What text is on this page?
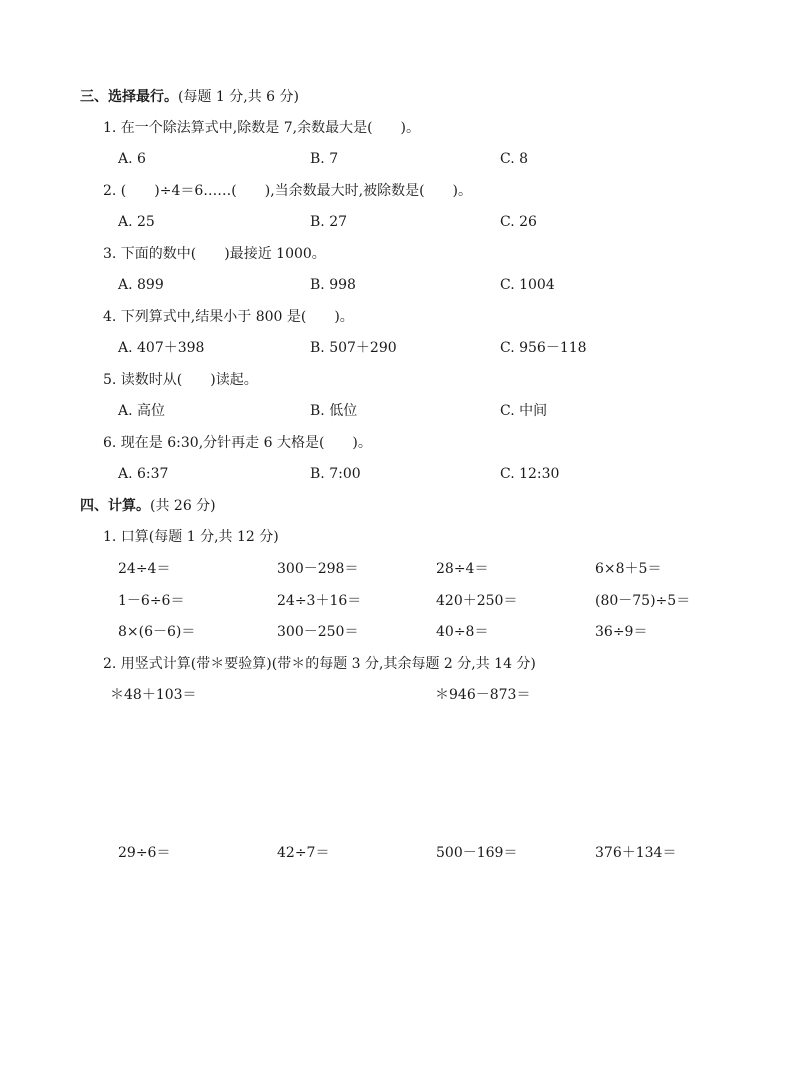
三、选择最行。(每题 1 分,共 6 分)
1. 在一个除法算式中,除数是 7,余数最大是(　　)。
A. 6	B. 7	C. 8
2. (　　)÷4＝6……(　　),当余数最大时,被除数是(　　)。
A. 25	B. 27	C. 26
3. 下面的数中(　　)最接近 1000。
A. 899	B. 998	C. 1004
4. 下列算式中,结果小于 800 是(　　)。
A. 407＋398	B. 507＋290	C. 956－118
5. 读数时从(　　)读起。
A. 高位	B. 低位	C. 中间
6. 现在是 6:30,分针再走 6 大格是(　　)。
A. 6:37	B. 7:00	C. 12:30
四、计算。(共 26 分)
1. 口算(每题 1 分,共 12 分)
24÷4＝	300－298＝	28÷4＝	6×8＋5＝
1－6÷6＝	24÷3＋16＝	420＋250＝	(80－75)÷5＝
8×(6－6)＝	300－250＝	40÷8＝	36÷9＝
2. 用竖式计算(带＊要验算)(带＊的每题 3 分,其余每题 2 分,共 14 分)
＊48＋103＝	＊946－873＝
29÷6＝	42÷7＝	500－169＝	376＋134＝
